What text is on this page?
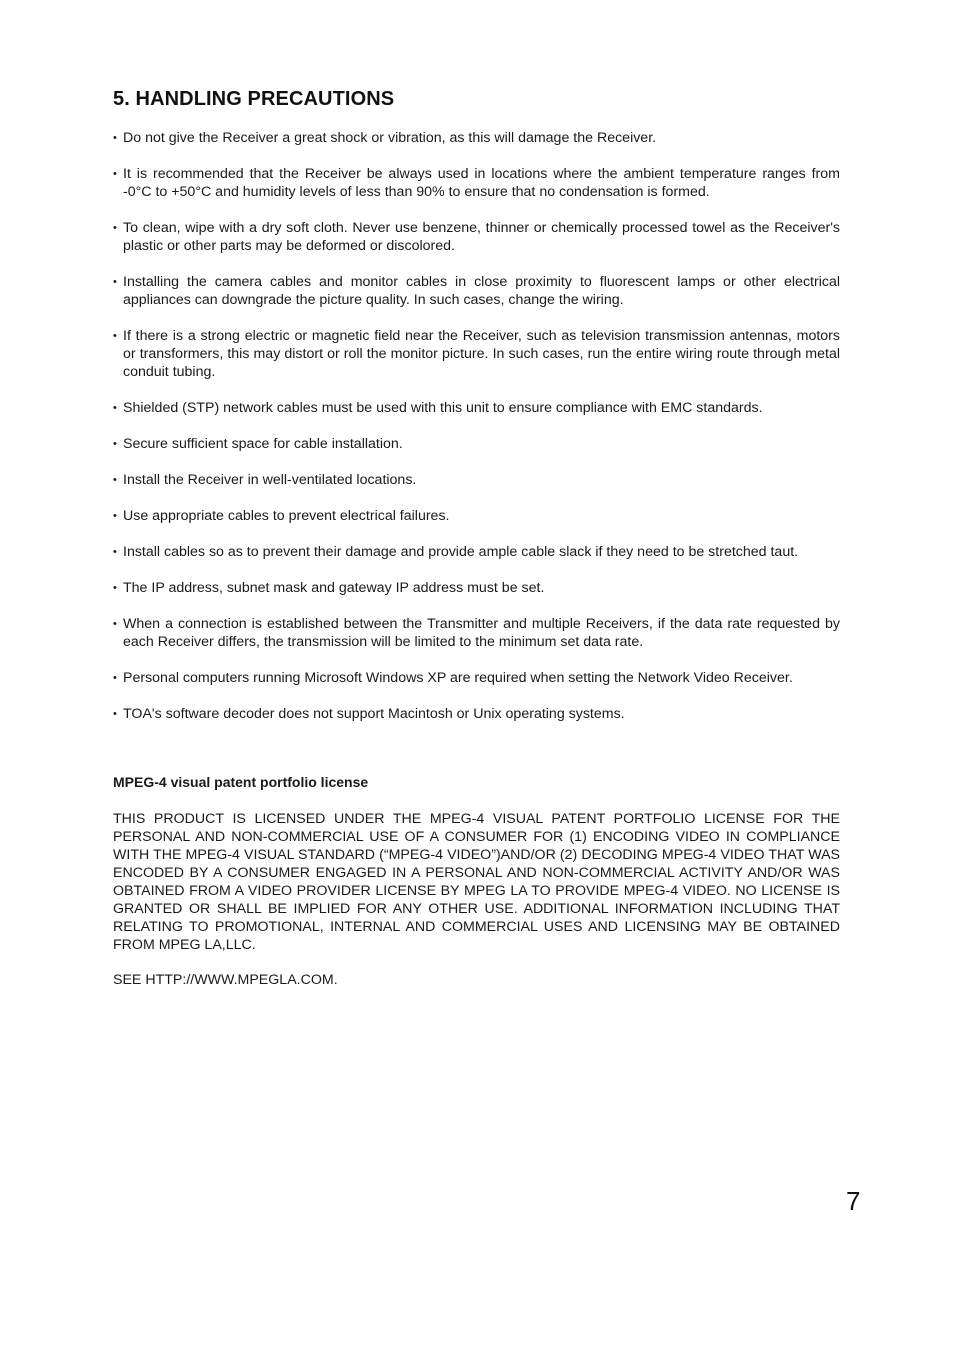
5. HANDLING PRECAUTIONS
• Do not give the Receiver a great shock or vibration, as this will damage the Receiver.
• It is recommended that the Receiver be always used in locations where the ambient temperature ranges from -0°C to +50°C and humidity levels of less than 90% to ensure that no condensation is formed.
• To clean, wipe with a dry soft cloth. Never use benzene, thinner or chemically processed towel as the Receiver's plastic or other parts may be deformed or discolored.
• Installing the camera cables and monitor cables in close proximity to fluorescent lamps or other electrical appliances can downgrade the picture quality. In such cases, change the wiring.
• If there is a strong electric or magnetic field near the Receiver, such as television transmission antennas, motors or transformers, this may distort or roll the monitor picture. In such cases, run the entire wiring route through metal conduit tubing.
• Shielded (STP) network cables must be used with this unit to ensure compliance with EMC standards.
• Secure sufficient space for cable installation.
• Install the Receiver in well-ventilated locations.
• Use appropriate cables to prevent electrical failures.
• Install cables so as to prevent their damage and provide ample cable slack if they need to be stretched taut.
• The IP address, subnet mask and gateway IP address must be set.
• When a connection is established between the Transmitter and multiple Receivers, if the data rate requested by each Receiver differs, the transmission will be limited to the minimum set data rate.
• Personal computers running Microsoft Windows XP are required when setting the Network Video Receiver.
• TOA's software decoder does not support Macintosh or Unix operating systems.
MPEG-4 visual patent portfolio license

THIS PRODUCT IS LICENSED UNDER THE MPEG-4 VISUAL PATENT PORTFOLIO LICENSE FOR THE PERSONAL AND NON-COMMERCIAL USE OF A CONSUMER FOR (1) ENCODING VIDEO IN COMPLIANCE WITH THE MPEG-4 VISUAL STANDARD (“MPEG-4 VIDEO”)AND/OR (2) DECODING MPEG-4 VIDEO THAT WAS ENCODED BY A CONSUMER ENGAGED IN A PERSONAL AND NON-COMMERCIAL ACTIVITY AND/OR WAS OBTAINED FROM A VIDEO PROVIDER LICENSE BY MPEG LA TO PROVIDE MPEG-4 VIDEO. NO LICENSE IS GRANTED OR SHALL BE IMPLIED FOR ANY OTHER USE. ADDITIONAL INFORMATION INCLUDING THAT RELATING TO PROMOTIONAL, INTERNAL AND COMMERCIAL USES AND LICENSING MAY BE OBTAINED FROM MPEG LA,LLC.

SEE HTTP://WWW.MPEGLA.COM.

7
